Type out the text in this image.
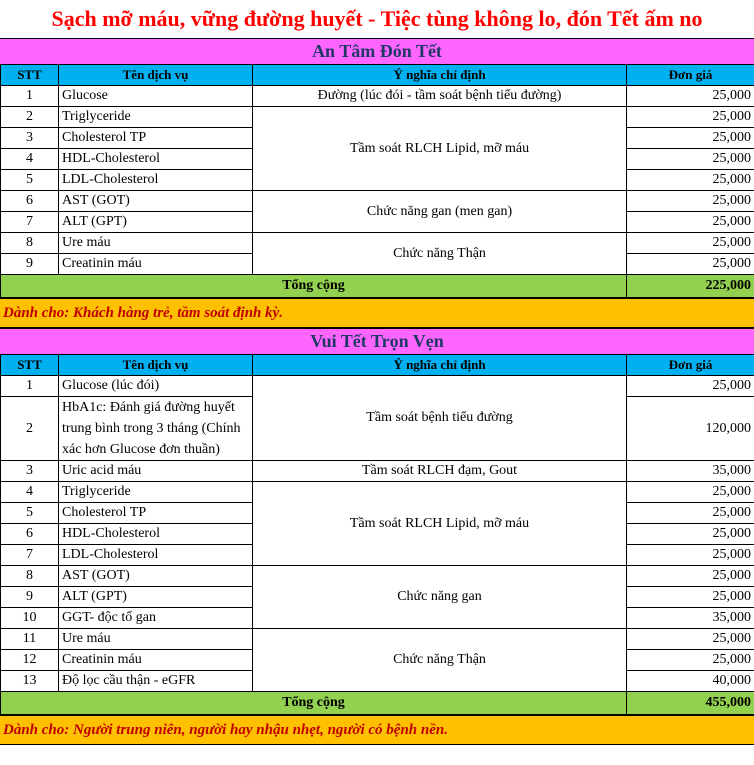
Sạch mỡ máu, vững đường huyết - Tiệc tùng không lo, đón Tết ấm no
An Tâm Đón Tết
STT	Tên dịch vụ	Ý nghĩa chỉ định	Đơn giá
1	Glucose	Đường (lúc đói - tầm soát bệnh tiểu đường)	25,000
2	Triglyceride	Tầm soát RLCH Lipid, mỡ máu	25,000
3	Cholesterol TP		25,000
4	HDL-Cholesterol		25,000
5	LDL-Cholesterol		25,000
6	AST (GOT)	Chức năng gan (men gan)	25,000
7	ALT (GPT)		25,000
8	Ure máu	Chức năng Thận	25,000
9	Creatinin máu		25,000
Tổng cộng			225,000
Dành cho: Khách hàng trẻ, tầm soát định kỳ.
Vui Tết Trọn Vẹn
STT	Tên dịch vụ	Ý nghĩa chỉ định	Đơn giá
1	Glucose (lúc đói)	Tầm soát bệnh tiểu đường	25,000
2	HbA1c: Đánh giá đường huyết trung bình trong 3 tháng (Chính xác hơn Glucose đơn thuần)		120,000
3	Uric acid máu	Tầm soát RLCH đạm, Gout	35,000
4	Triglyceride	Tầm soát RLCH Lipid, mỡ máu	25,000
5	Cholesterol TP		25,000
6	HDL-Cholesterol		25,000
7	LDL-Cholesterol		25,000
8	AST (GOT)	Chức năng gan	25,000
9	ALT (GPT)		25,000
10	GGT- độc tố gan		35,000
11	Ure máu	Chức năng Thận	25,000
12	Creatinin máu		25,000
13	Độ lọc cầu thận - eGFR		40,000
Tổng cộng			455,000
Dành cho: Người trung niên, người hay nhậu nhẹt, người có bệnh nền.
